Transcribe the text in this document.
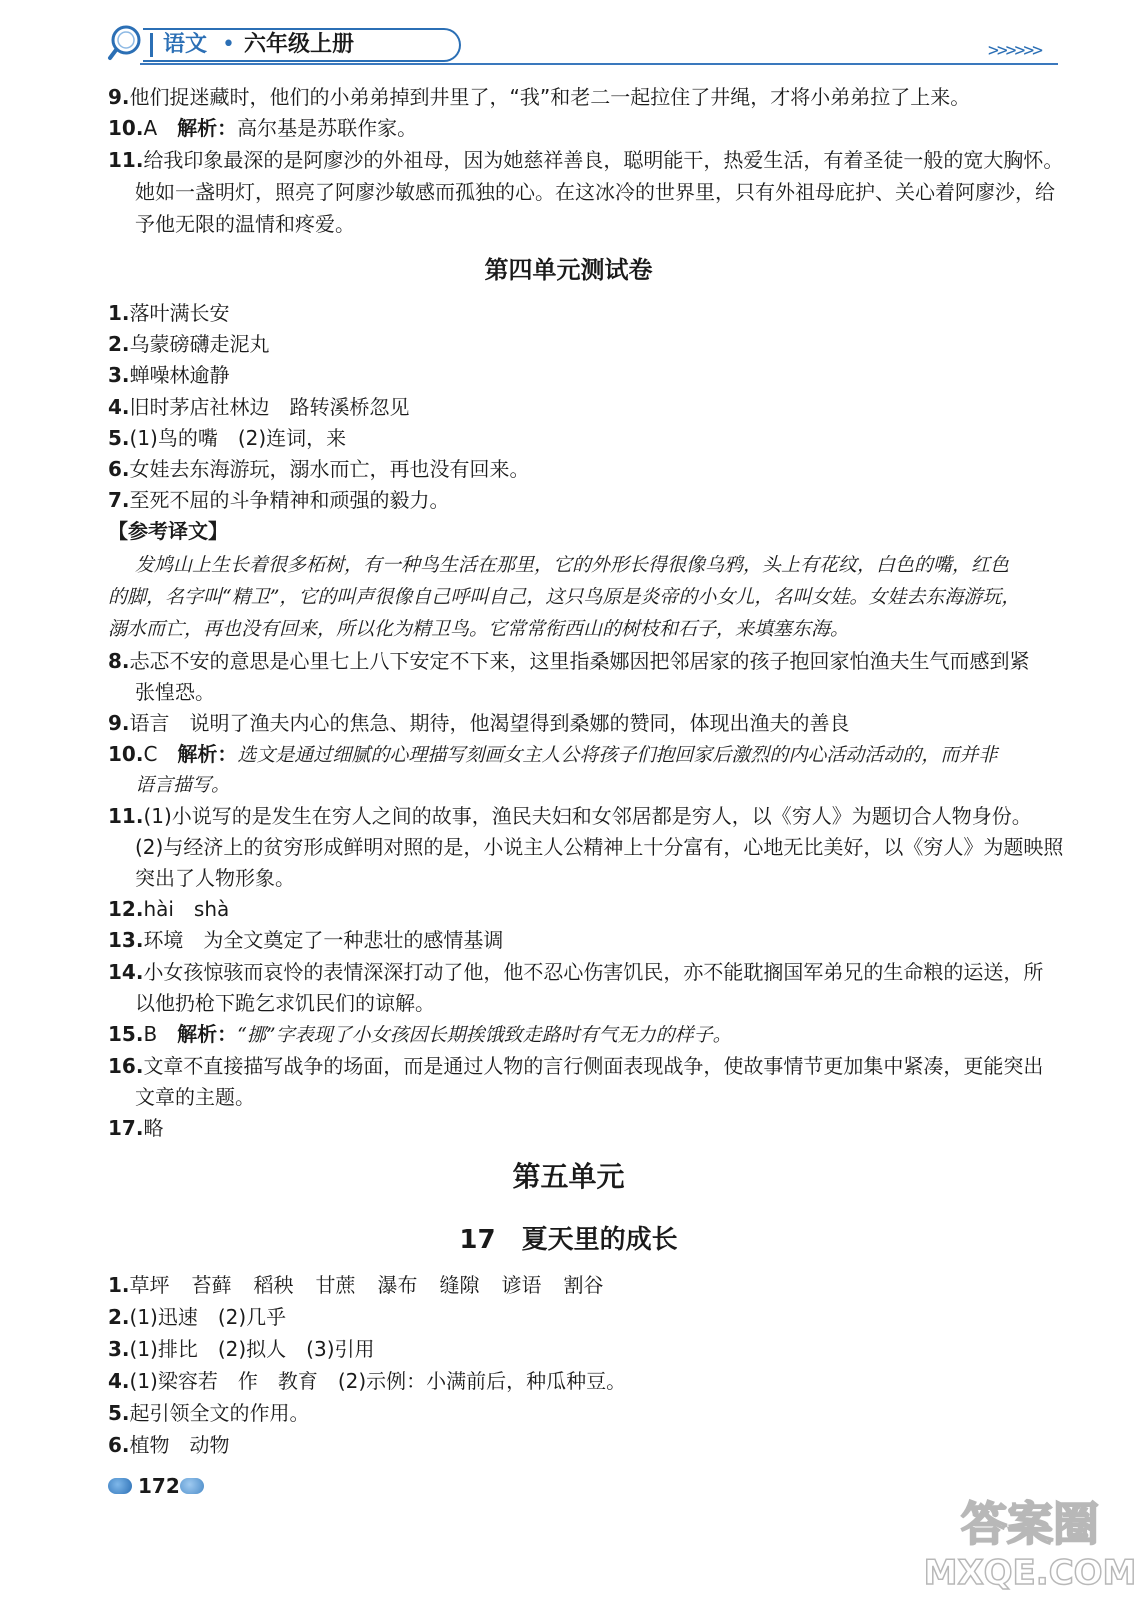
语文 • 六年级上册	>>>>>>
9.他们捉迷藏时，他们的小弟弟掉到井里了，“我”和老二一起拉住了井绳，才将小弟弟拉了上来。
10.A　 解析：高尔基是苏联作家。
11.给我印象最深的是阿廖沙的外祖母，因为她慈祥善良，聪明能干，热爱生活，有着圣徒一般的宽大胸怀。
她如一盏明灯，照亮了阿廖沙敏感而孤独的心。在这冰冷的世界里，只有外祖母庇护、关心着阿廖沙，给
予他无限的温情和疼爱。
第四单元测试卷
1.落叶满长安
2.乌蒙磅礴走泥丸
3.蝉噪林逾静
4.旧时茅店社林边　路转溪桥忽见
5.(1)鸟的嘴　(2)连词，来
6.女娃去东海游玩，溺水而亡，再也没有回来。
7.至死不屈的斗争精神和顽强的毅力。
【参考译文】
发鸠山上生长着很多柘树，有一种鸟生活在那里，它的外形长得很像乌鸦，头上有花纹，白色的嘴，红色
的脚，名字叫“精卫”，它的叫声很像自己呼叫自己，这只鸟原是炎帝的小女儿，名叫女娃。女娃去东海游玩，
溺水而亡，再也没有回来，所以化为精卫鸟。它常常衔西山的树枝和石子，来填塞东海。
8.忐忑不安的意思是心里七上八下安定不下来，这里指桑娜因把邻居家的孩子抱回家怕渔夫生气而感到紧
张惶恐。
9.语言　说明了渔夫内心的焦急、期待，他渴望得到桑娜的赞同，体现出渔夫的善良
10.C　 解析：选文是通过细腻的心理描写刻画女主人公将孩子们抱回家后激烈的内心活动活动的，而并非
语言描写。
11.(1)小说写的是发生在穷人之间的故事，渔民夫妇和女邻居都是穷人，以《穷人》为题切合人物身份。
(2)与经济上的贫穷形成鲜明对照的是，小说主人公精神上十分富有，心地无比美好，以《穷人》为题映照
突出了人物形象。
12.hài　shà
13.环境　为全文奠定了一种悲壮的感情基调
14.小女孩惊骇而哀怜的表情深深打动了他，他不忍心伤害饥民，亦不能耽搁国军弟兄的生命粮的运送，所
以他扔枪下跪乞求饥民们的谅解。
15.B　 解析：“挪”字表现了小女孩因长期挨饿致走路时有气无力的样子。
16.文章不直接描写战争的场面，而是通过人物的言行侧面表现战争，使故事情节更加集中紧凑，更能突出
文章的主题。
17.略
第五单元
17　夏天里的成长
1.草坪 苔藓 稻秧 甘蔗 瀑布 缝隙 谚语 割谷
2.(1)迅速　(2)几乎
3.(1)排比　(2)拟人　(3)引用
4.(1)梁容若　作　教育　(2)示例：小满前后，种瓜种豆。
5.起引领全文的作用。
6.植物　动物
172
答案圈
MXQE.COM
